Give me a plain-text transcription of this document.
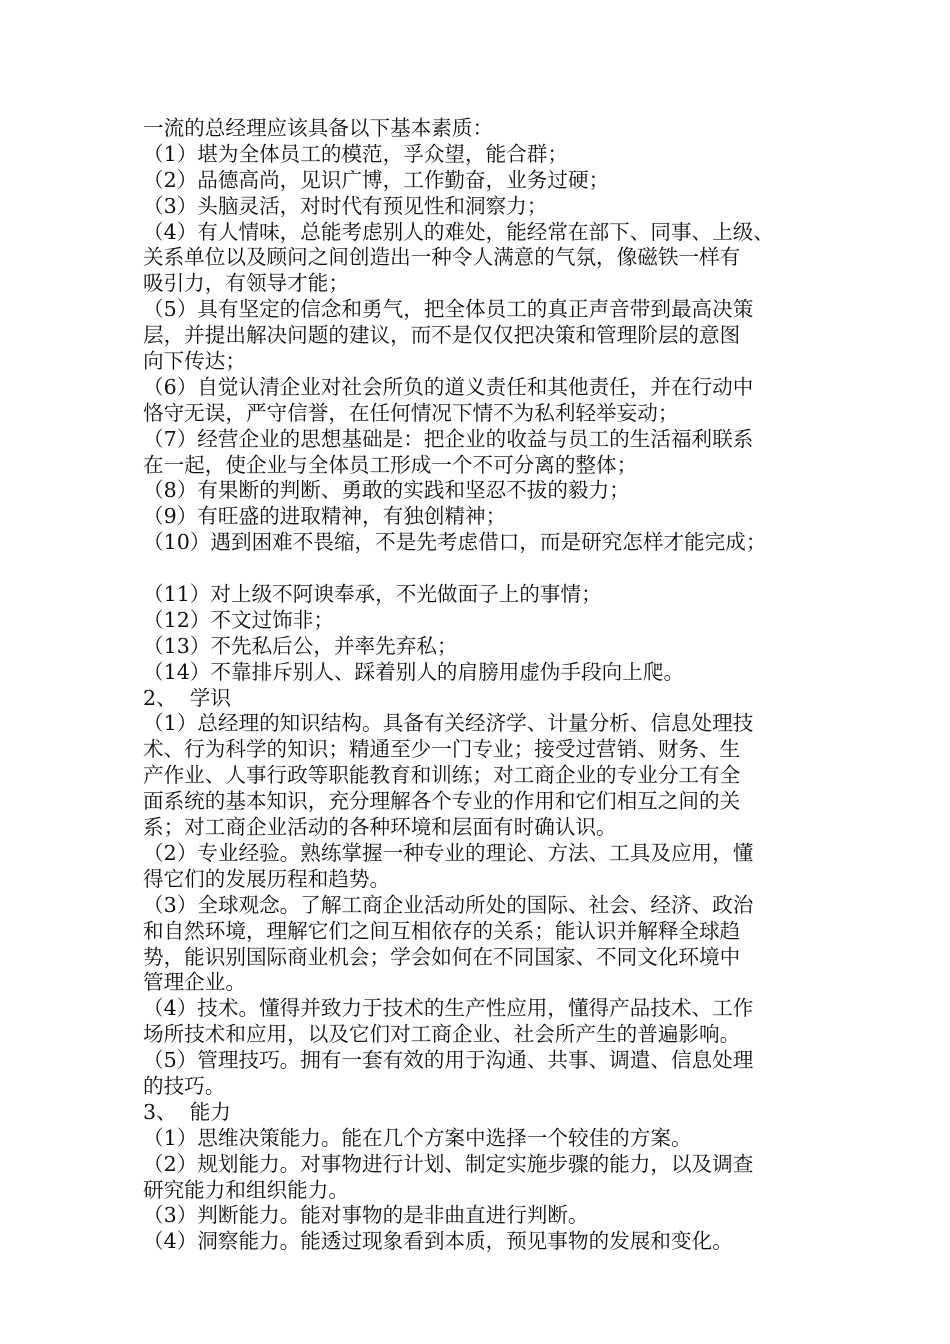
一流的总经理应该具备以下基本素质：
（1）堪为全体员工的模范，孚众望，能合群；
（2）品德高尚，见识广博，工作勤奋，业务过硬；
（3）头脑灵活，对时代有预见性和洞察力；
（4）有人情味，总能考虑别人的难处，能经常在部下、同事、上级、
关系单位以及顾问之间创造出一种令人满意的气氛，像磁铁一样有
吸引力，有领导才能；
（5）具有坚定的信念和勇气，把全体员工的真正声音带到最高决策
层，并提出解决问题的建议，而不是仅仅把决策和管理阶层的意图
向下传达；
（6）自觉认清企业对社会所负的道义责任和其他责任，并在行动中
恪守无误，严守信誉，在任何情况下情不为私利轻举妄动；
（7）经营企业的思想基础是：把企业的收益与员工的生活福利联系
在一起，使企业与全体员工形成一个不可分离的整体；
（8）有果断的判断、勇敢的实践和坚忍不拔的毅力；
（9）有旺盛的进取精神，有独创精神；
（10）遇到困难不畏缩，不是先考虑借口，而是研究怎样才能完成；
（11）对上级不阿谀奉承，不光做面子上的事情；
（12）不文过饰非；
（13）不先私后公，并率先弃私；
（14）不靠排斥别人、踩着别人的肩膀用虚伪手段向上爬。
2、  学识
（1）总经理的知识结构。具备有关经济学、计量分析、信息处理技
术、行为科学的知识；精通至少一门专业；接受过营销、财务、生
产作业、人事行政等职能教育和训练；对工商企业的专业分工有全
面系统的基本知识，充分理解各个专业的作用和它们相互之间的关
系；对工商企业活动的各种环境和层面有时确认识。
（2）专业经验。熟练掌握一种专业的理论、方法、工具及应用，懂
得它们的发展历程和趋势。
（3）全球观念。了解工商企业活动所处的国际、社会、经济、政治
和自然环境，理解它们之间互相依存的关系；能认识并解释全球趋
势，能识别国际商业机会；学会如何在不同国家、不同文化环境中
管理企业。
（4）技术。懂得并致力于技术的生产性应用，懂得产品技术、工作
场所技术和应用，以及它们对工商企业、社会所产生的普遍影响。
（5）管理技巧。拥有一套有效的用于沟通、共事、调遣、信息处理
的技巧。
3、  能力
（1）思维决策能力。能在几个方案中选择一个较佳的方案。
（2）规划能力。对事物进行计划、制定实施步骤的能力，以及调查
研究能力和组织能力。
（3）判断能力。能对事物的是非曲直进行判断。
（4）洞察能力。能透过现象看到本质，预见事物的发展和变化。
